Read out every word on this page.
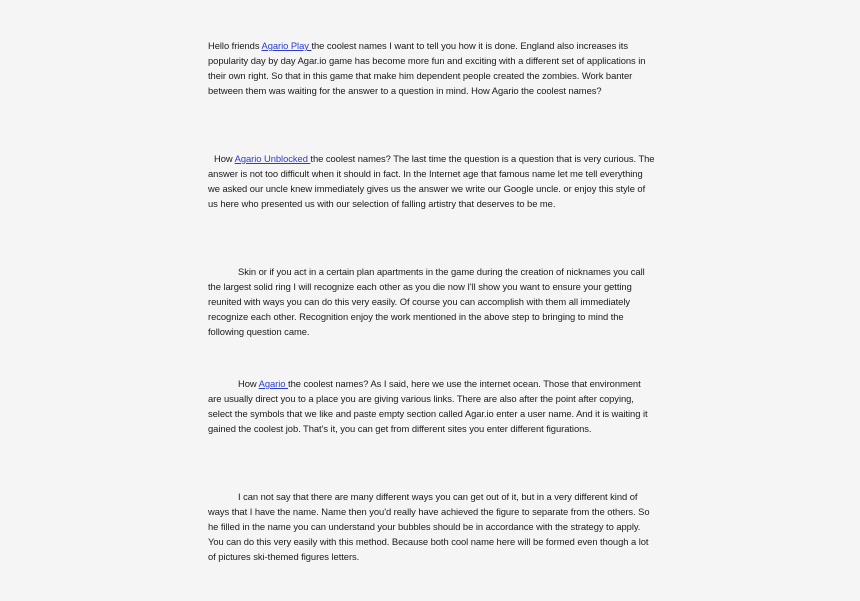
Hello friends Agario Play the coolest names I want to tell you how it is done. England also increases its popularity day by day Agar.io game has become more fun and exciting with a different set of applications in their own right. So that in this game that make him dependent people created the zombies. Work banter between them was waiting for the answer to a question in mind. How Agario the coolest names?

How Agario Unblocked the coolest names? The last time the question is a question that is very curious. The answer is not too difficult when it should in fact. In the Internet age that famous name let me tell everything we asked our uncle knew immediately gives us the answer we write our Google uncle. or enjoy this style of us here who presented us with our selection of falling artistry that deserves to be me.

Skin or if you act in a certain plan apartments in the game during the creation of nicknames you call the largest solid ring I will recognize each other as you die now I'll show you want to ensure your getting reunited with ways you can do this very easily. Of course you can accomplish with them all immediately recognize each other. Recognition enjoy the work mentioned in the above step to bringing to mind the following question came.

How Agario the coolest names? As I said, here we use the internet ocean. Those that environment are usually direct you to a place you are giving various links. There are also after the point after copying, select the symbols that we like and paste empty section called Agar.io enter a user name. And it is waiting it gained the coolest job. That's it, you can get from different sites you enter different figurations.

I can not say that there are many different ways you can get out of it, but in a very different kind of ways that I have the name. Name then you'd really have achieved the figure to separate from the others. So he filled in the name you can understand your bubbles should be in accordance with the strategy to apply. You can do this very easily with this method. Because both cool name here will be formed even though a lot of pictures ski-themed figures letters.
